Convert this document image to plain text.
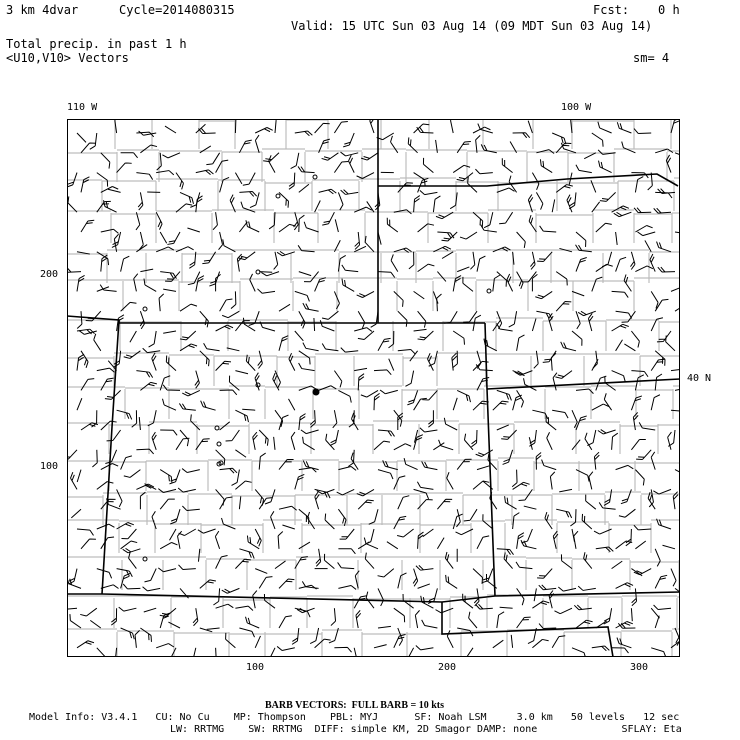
3 km 4dvar	Cycle=2014080315	Fcst:    0 h
Valid: 15 UTC Sun 03 Aug 14 (09 MDT Sun 03 Aug 14)
Total precip. in past 1 h
<U10,V10> Vectors	sm= 4
110 W	100 W
40 N
200
100
100	200	300
BARB VECTORS:  FULL BARB = 10 kts
Model Info: V3.4.1   CU: No Cu    MP: Thompson    PBL: MYJ      SF: Noah LSM     3.0 km   50 levels   12 sec
LW: RRTMG    SW: RRTMG  DIFF: simple KM, 2D Smagor DAMP: none              SFLAY: Eta
